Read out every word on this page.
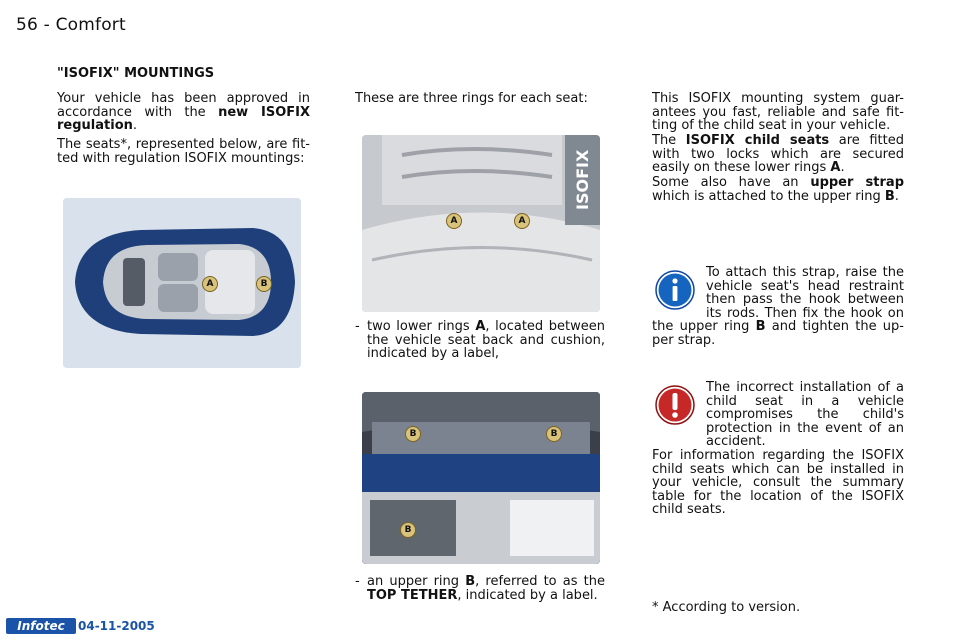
56 - Comfort
"ISOFIX" MOUNTINGS
Your vehicle has been approved in accordance with the new ISOFIX regulation.
The seats*, represented below, are fit-ted with regulation ISOFIX mountings:
A	B
These are three rings for each seat:
A	A
ISOFIX
- two lower rings A, located between the vehicle seat back and cushion, indicated by a label,
B	B
B
- an upper ring B, referred to as the TOP TETHER, indicated by a label.
This ISOFIX mounting system guar-antees you fast, reliable and safe fit-ting of the child seat in your vehicle.
The ISOFIX child seats are fitted with two locks which are secured easily on these lower rings A.
Some also have an upper strap which is attached to the upper ring B.
To attach this strap, raise the vehicle seat's head restraint then pass the hook between its rods. Then fix the hook on the upper ring B and tighten the up-per strap.
The incorrect installation of a child seat in a vehicle compromises the child's protection in the event of an accident.
For information regarding the ISOFIX child seats which can be installed in your vehicle, consult the summary table for the location of the ISOFIX child seats.
* According to version.
Infotec	04-11-2005
